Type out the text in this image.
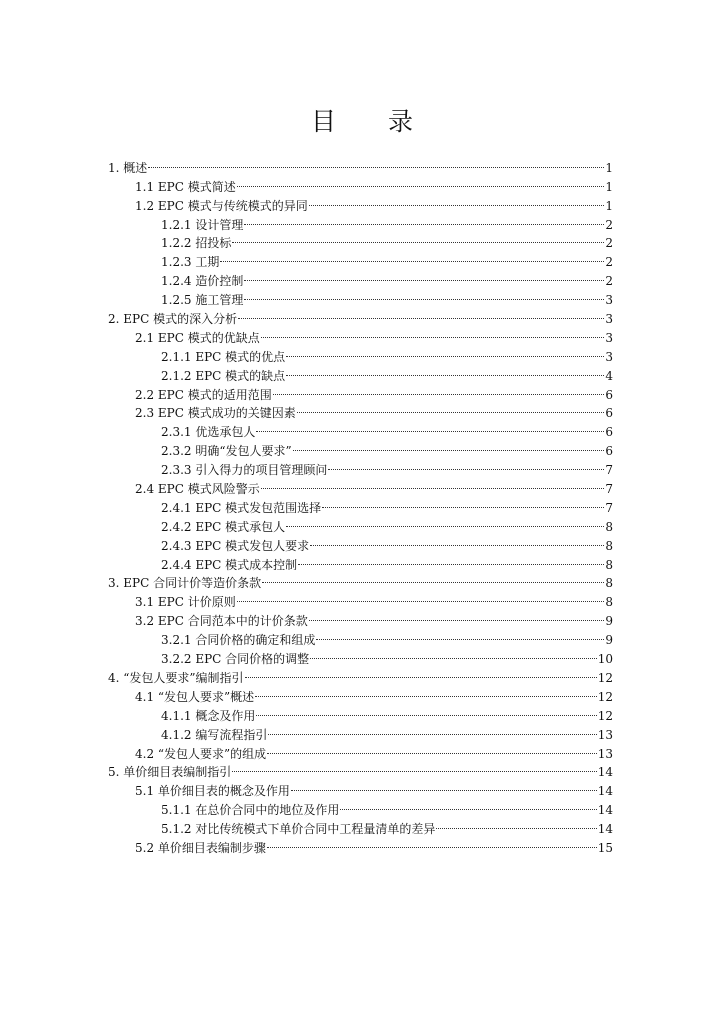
目 录
1. 概述	1
1.1 EPC 模式简述	1
1.2 EPC 模式与传统模式的异同	1
1.2.1 设计管理	2
1.2.2 招投标	2
1.2.3 工期	2
1.2.4 造价控制	2
1.2.5 施工管理	3
2. EPC 模式的深入分析	3
2.1 EPC 模式的优缺点	3
2.1.1 EPC 模式的优点	3
2.1.2 EPC 模式的缺点	4
2.2 EPC 模式的适用范围	6
2.3 EPC 模式成功的关键因素	6
2.3.1 优选承包人	6
2.3.2 明确“发包人要求”	6
2.3.3 引入得力的项目管理顾问	7
2.4 EPC 模式风险警示	7
2.4.1 EPC 模式发包范围选择	7
2.4.2 EPC 模式承包人	8
2.4.3 EPC 模式发包人要求	8
2.4.4 EPC 模式成本控制	8
3. EPC 合同计价等造价条款	8
3.1 EPC 计价原则	8
3.2 EPC 合同范本中的计价条款	9
3.2.1 合同价格的确定和组成	9
3.2.2 EPC 合同价格的调整	10
4. “发包人要求”编制指引	12
4.1 “发包人要求”概述	12
4.1.1 概念及作用	12
4.1.2 编写流程指引	13
4.2 “发包人要求”的组成	13
5. 单价细目表编制指引	14
5.1 单价细目表的概念及作用	14
5.1.1 在总价合同中的地位及作用	14
5.1.2 对比传统模式下单价合同中工程量清单的差异	14
5.2 单价细目表编制步骤	15
